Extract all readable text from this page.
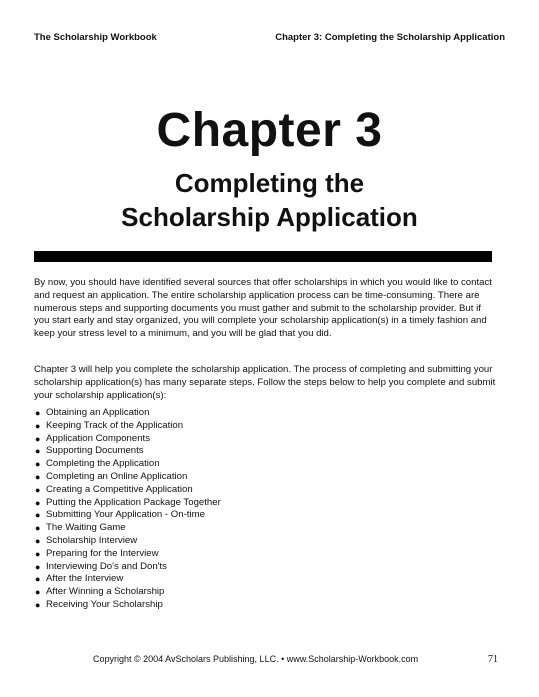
The Scholarship Workbook	Chapter 3: Completing the Scholarship Application
Chapter 3
Completing the
Scholarship Application

By now, you should have identified several sources that offer scholarships in which you would like to contact and request an application. The entire scholarship application process can be time-consuming. There are numerous steps and supporting documents you must gather and submit to the scholarship provider. But if you start early and stay organized, you will complete your scholarship application(s) in a timely fashion and keep your stress level to a minimum, and you will be glad that you did.

Chapter 3 will help you complete the scholarship application. The process of completing and submitting your scholarship application(s) has many separate steps. Follow the steps below to help you complete and submit your scholarship application(s):

● Obtaining an Application
● Keeping Track of the Application
● Application Components
● Supporting Documents
● Completing the Application
● Completing an Online Application
● Creating a Competitive Application
● Putting the Application Package Together
● Submitting Your Application - On-time
● The Waiting Game
● Scholarship Interview
● Preparing for the Interview
● Interviewing Do's and Don'ts
● After the Interview
● After Winning a Scholarship
● Receiving Your Scholarship
Copyright © 2004 AvScholars Publishing, LLC. • www.Scholarship-Workbook.com	71
